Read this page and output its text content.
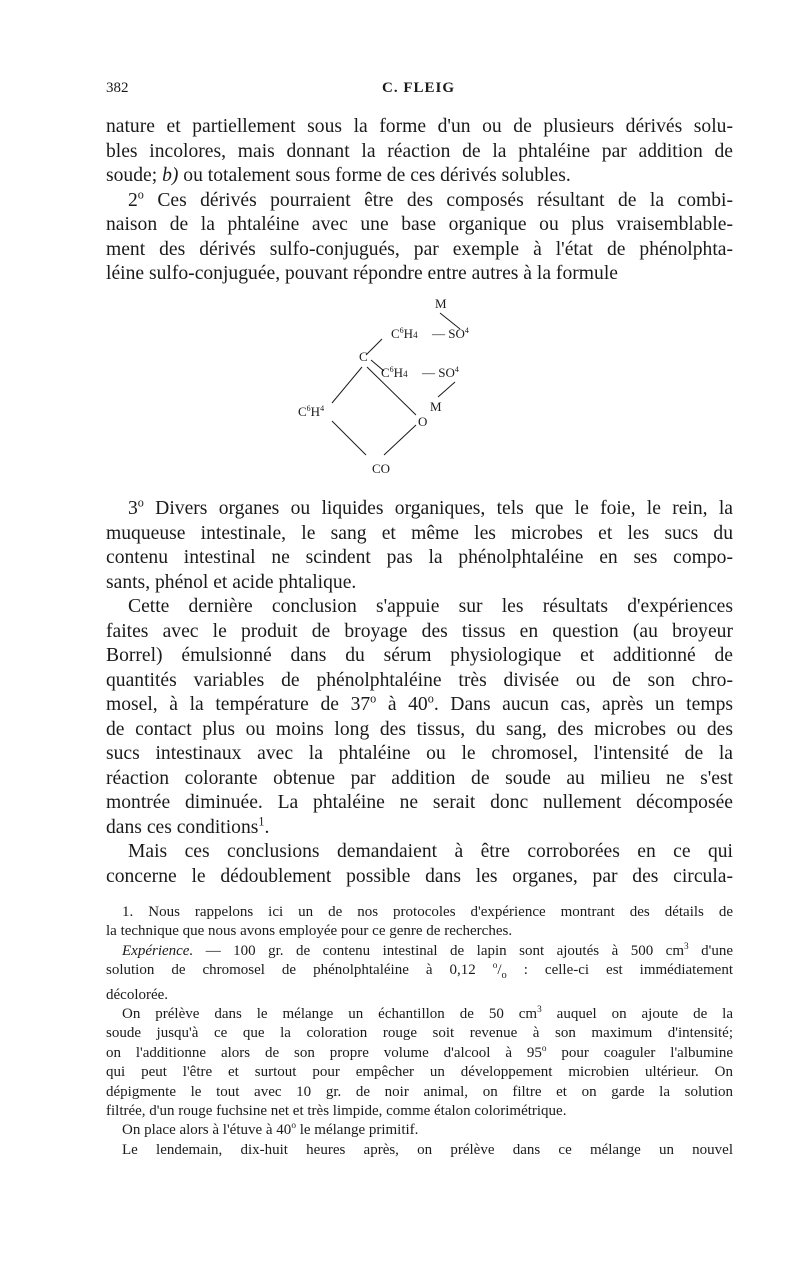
382	C. FLEIG

nature et partiellement sous la forme d'un ou de plusieurs dérivés solu-

bles incolores, mais donnant la réaction de la phtaléine par addition de

soude; b) ou totalement sous forme de ces dérivés solubles.

2$^o$ Ces dérivés pourraient être des composés résultant de la combi-

naison de la phtaléine avec une base organique ou plus vraisemblable-

ment des dérivés sulfo-conjugués, par exemple à l'état de phénolphta-

léine sulfo-conjuguée, pouvant répondre entre autres à la formule

M
$C^6H4$ — $SO^4$
C
$C^6H4$ — $SO^4$
M
$C^6H^4$
O
CO

3$^o$ Divers organes ou liquides organiques, tels que le foie, le rein, la

muqueuse intestinale, le sang et même les microbes et les sucs du

contenu intestinal ne scindent pas la phénolphtaléine en ses compo-

sants, phénol et acide phtalique.

Cette dernière conclusion s'appuie sur les résultats d'expériences

faites avec le produit de broyage des tissus en question (au broyeur

Borrel) émulsionné dans du sérum physiologique et additionné de

quantités variables de phénolphtaléine très divisée ou de son chro-

mosel, à la température de 37$^o$ à 40$^o$. Dans aucun cas, après un temps

de contact plus ou moins long des tissus, du sang, des microbes ou des

sucs intestinaux avec la phtaléine ou le chromosel, l'intensité de la

réaction colorante obtenue par addition de soude au milieu ne s'est

montrée diminuée. La phtaléine ne serait donc nullement décomposée

dans ces conditions$^1$.

Mais ces conclusions demandaient à être corroborées en ce qui

concerne le dédoublement possible dans les organes, par des circula-

1. Nous rappelons ici un de nos protocoles d'expérience montrant des détails de

la technique que nous avons employée pour ce genre de recherches.

Expérience. — 100 gr. de contenu intestinal de lapin sont ajoutés à 500 $cm^3$ d'une

solution de chromosel de phénolphtaléine à 0,12 $^o/_o$ : celle-ci est immédiatement

décolorée.

On prélève dans le mélange un échantillon de 50 $cm^3$ auquel on ajoute de la

soude jusqu'à ce que la coloration rouge soit revenue à son maximum d'intensité;

on l'additionne alors de son propre volume d'alcool à 95$^o$ pour coaguler l'albumine

qui peut l'être et surtout pour empêcher un développement microbien ultérieur. On

dépigmente le tout avec 10 gr. de noir animal, on filtre et on garde la solution

filtrée, d'un rouge fuchsine net et très limpide, comme étalon colorimétrique.

On place alors à l'étuve à 40$^o$ le mélange primitif.

Le lendemain, dix-huit heures après, on prélève dans ce mélange un nouvel
